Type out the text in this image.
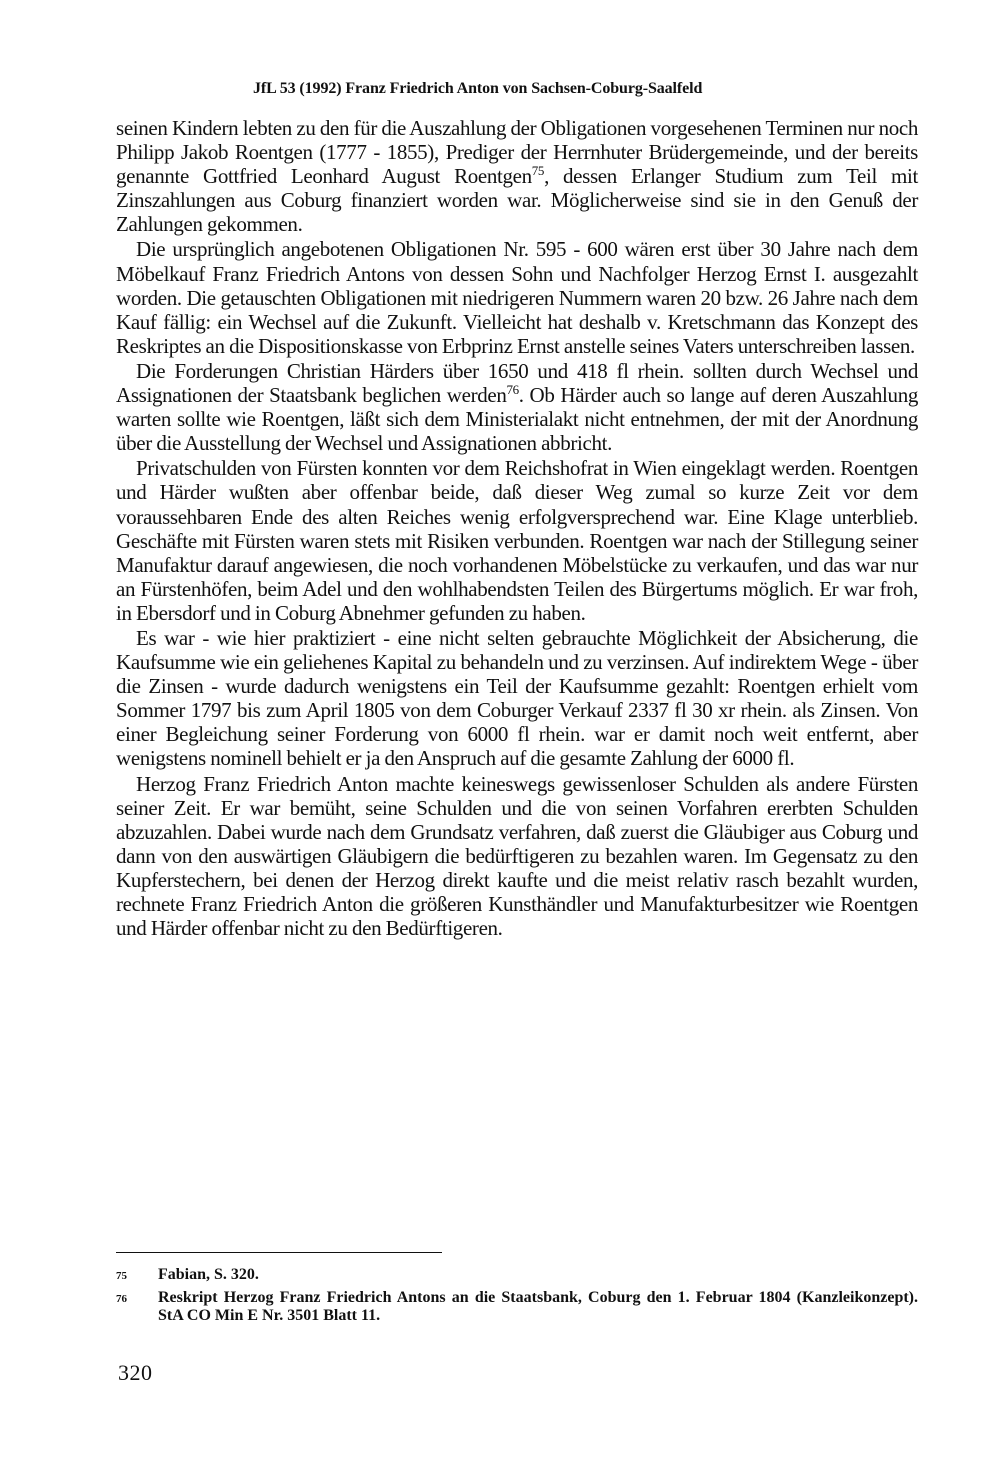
JfL 53 (1992) Franz Friedrich Anton von Sachsen-Coburg-Saalfeld

seinen Kindern lebten zu den für die Auszahlung der Obligationen vorgesehenen Terminen nur noch Philipp Jakob Roentgen (1777 - 1855), Prediger der Herrnhuter Brüdergemeinde, und der bereits genannte Gottfried Leonhard August Roentgen$^{75}$, dessen Erlanger Studium zum Teil mit Zinszahlungen aus Coburg finanziert worden war. Möglicherweise sind sie in den Genuß der Zahlungen gekommen.

Die ursprünglich angebotenen Obligationen Nr. 595 - 600 wären erst über 30 Jahre nach dem Möbelkauf Franz Friedrich Antons von dessen Sohn und Nachfolger Herzog Ernst I. ausgezahlt worden. Die getauschten Obligationen mit niedrigeren Nummern waren 20 bzw. 26 Jahre nach dem Kauf fällig: ein Wechsel auf die Zukunft. Vielleicht hat deshalb v. Kretschmann das Konzept des Reskriptes an die Dispositionskasse von Erbprinz Ernst anstelle seines Vaters unterschreiben lassen.

Die Forderungen Christian Härders über 1650 und 418 fl rhein. sollten durch Wechsel und Assignationen der Staatsbank beglichen werden$^{76}$. Ob Härder auch so lange auf deren Auszahlung warten sollte wie Roentgen, läßt sich dem Ministerialakt nicht entnehmen, der mit der Anordnung über die Ausstellung der Wechsel und Assignationen abbricht.

Privatschulden von Fürsten konnten vor dem Reichshofrat in Wien eingeklagt werden. Roentgen und Härder wußten aber offenbar beide, daß dieser Weg zumal so kurze Zeit vor dem voraussehbaren Ende des alten Reiches wenig erfolgversprechend war. Eine Klage unterblieb. Geschäfte mit Fürsten waren stets mit Risiken verbunden. Roentgen war nach der Stillegung seiner Manufaktur darauf angewiesen, die noch vorhandenen Möbelstücke zu verkaufen, und das war nur an Fürstenhöfen, beim Adel und den wohlhabendsten Teilen des Bürgertums möglich. Er war froh, in Ebersdorf und in Coburg Abnehmer gefunden zu haben.

Es war - wie hier praktiziert - eine nicht selten gebrauchte Möglichkeit der Absicherung, die Kaufsumme wie ein geliehenes Kapital zu behandeln und zu verzinsen. Auf indirektem Wege - über die Zinsen - wurde dadurch wenigstens ein Teil der Kaufsumme gezahlt: Roentgen erhielt vom Sommer 1797 bis zum April 1805 von dem Coburger Verkauf 2337 fl 30 xr rhein. als Zinsen. Von einer Begleichung seiner Forderung von 6000 fl rhein. war er damit noch weit entfernt, aber wenigstens nominell behielt er ja den Anspruch auf die gesamte Zahlung der 6000 fl.

Herzog Franz Friedrich Anton machte keineswegs gewissenloser Schulden als andere Fürsten seiner Zeit. Er war bemüht, seine Schulden und die von seinen Vorfahren ererbten Schulden abzuzahlen. Dabei wurde nach dem Grundsatz verfahren, daß zuerst die Gläubiger aus Coburg und dann von den auswärtigen Gläubigern die bedürftigeren zu bezahlen waren. Im Gegensatz zu den Kupferstechern, bei denen der Herzog direkt kaufte und die meist relativ rasch bezahlt wurden, rechnete Franz Friedrich Anton die größeren Kunsthändler und Manufakturbesitzer wie Roentgen und Härder offenbar nicht zu den Bedürftigeren.

75	Fabian, S. 320.
76	Reskript Herzog Franz Friedrich Antons an die Staatsbank, Coburg den 1. Februar 1804 (Kanzleikonzept). StA CO Min E Nr. 3501 Blatt 11.
320
